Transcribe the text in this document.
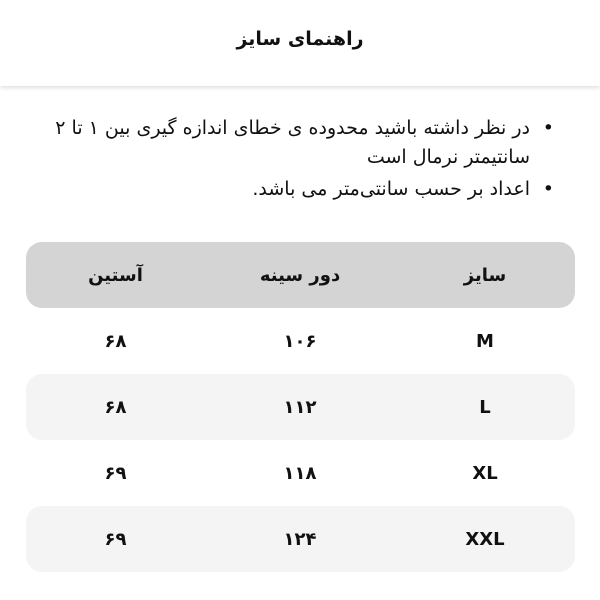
راهنمای سایز
•
در نظر داشته باشید محدوده ی خطای اندازه گیری بین ۱ تا ۲ سانتیمتر نرمال است
•
اعداد بر حسب سانتی‌متر می باشد.
سایز
دور سینه
آستین
M
۱۰۶
۶۸
L
۱۱۲
۶۸
XL
۱۱۸
۶۹
XXL
۱۲۴
۶۹
